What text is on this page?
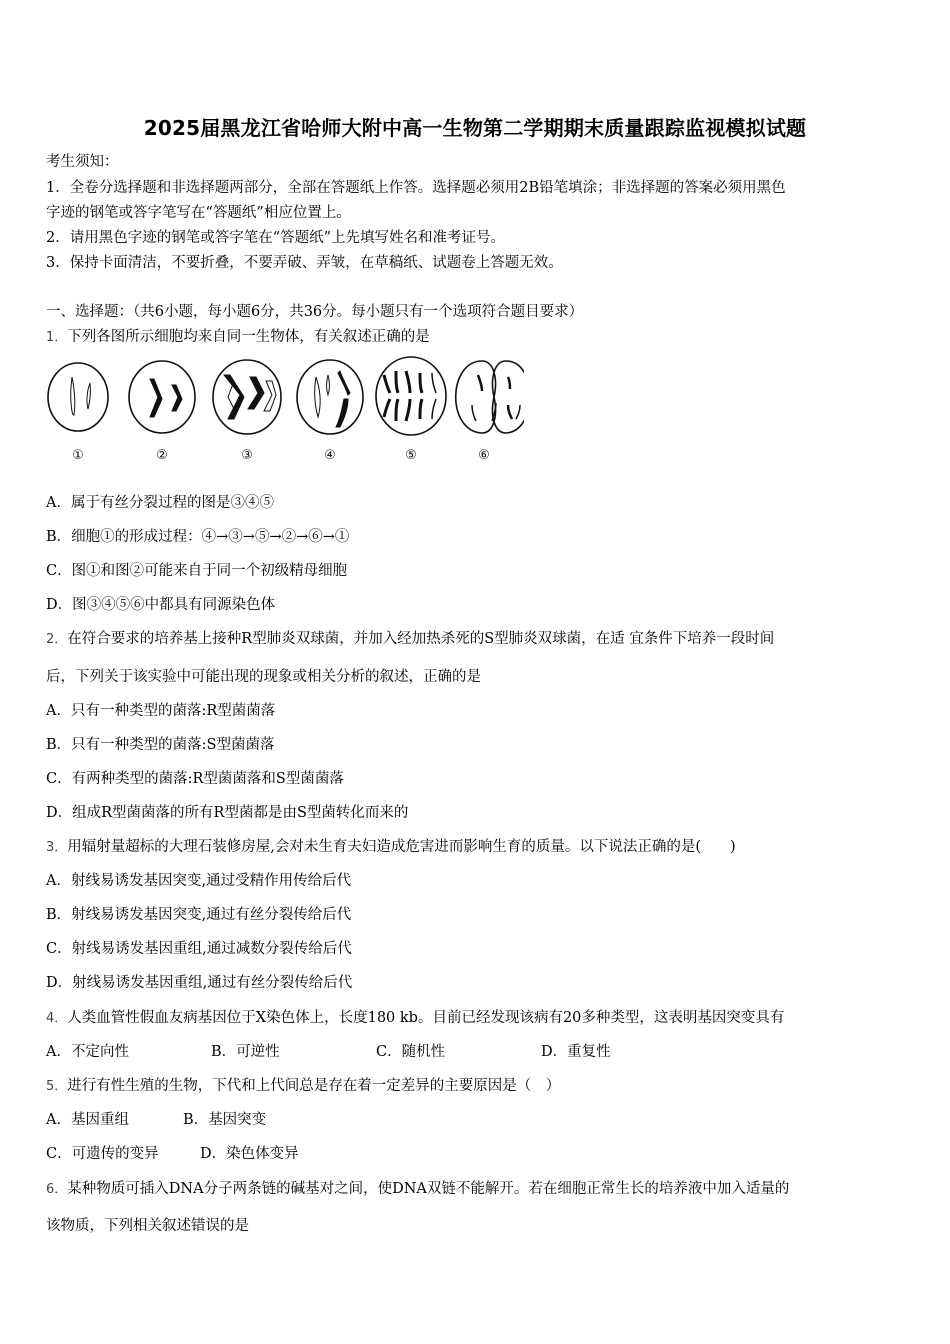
2025届黑龙江省哈师大附中高一生物第二学期期末质量跟踪监视模拟试题
考生须知：
1．全卷分选择题和非选择题两部分，全部在答题纸上作答。选择题必须用2B铅笔填涂；非选择题的答案必须用黑色
字迹的钢笔或答字笔写在“答题纸”相应位置上。
2．请用黑色字迹的钢笔或答字笔在“答题纸”上先填写姓名和准考证号。
3．保持卡面清洁，不要折叠，不要弄破、弄皱，在草稿纸、试题卷上答题无效。
一、选择题：（共6小题，每小题6分，共36分。每小题只有一个选项符合题目要求）
1．下列各图所示细胞均来自同一生物体，有关叙述正确的是
①	②	③	④	⑤	⑥
A．属于有丝分裂过程的图是③④⑤
B．细胞①的形成过程：④→③→⑤→②→⑥→①
C．图①和图②可能来自于同一个初级精母细胞
D．图③④⑤⑥中都具有同源染色体
2．在符合要求的培养基上接种R型肺炎双球菌，并加入经加热杀死的S型肺炎双球菌，在适 宜条件下培养一段时间
后，下列关于该实验中可能出现的现象或相关分析的叙述，正确的是
A．只有一种类型的菌落:R型菌菌落
B．只有一种类型的菌落:S型菌菌落
C．有两种类型的菌落:R型菌菌落和S型菌菌落
D．组成R型菌菌落的所有R型菌都是由S型菌转化而来的
3．用辐射量超标的大理石装修房屋,会对未生育夫妇造成危害进而影响生育的质量。以下说法正确的是(　　)
A．射线易诱发基因突变,通过受精作用传给后代
B．射线易诱发基因突变,通过有丝分裂传给后代
C．射线易诱发基因重组,通过减数分裂传给后代
D．射线易诱发基因重组,通过有丝分裂传给后代
4．人类血管性假血友病基因位于X染色体上，长度180 kb。目前已经发现该病有20多种类型，这表明基因突变具有
A．不定向性	B．可逆性	C．随机性	D．重复性
5．进行有性生殖的生物，下代和上代间总是存在着一定差异的主要原因是（　）
A．基因重组	B．基因突变
C．可遗传的变异	D．染色体变异
6．某种物质可插入DNA分子两条链的碱基对之间，使DNA双链不能解开。若在细胞正常生长的培养液中加入适量的
该物质，下列相关叙述错误的是
